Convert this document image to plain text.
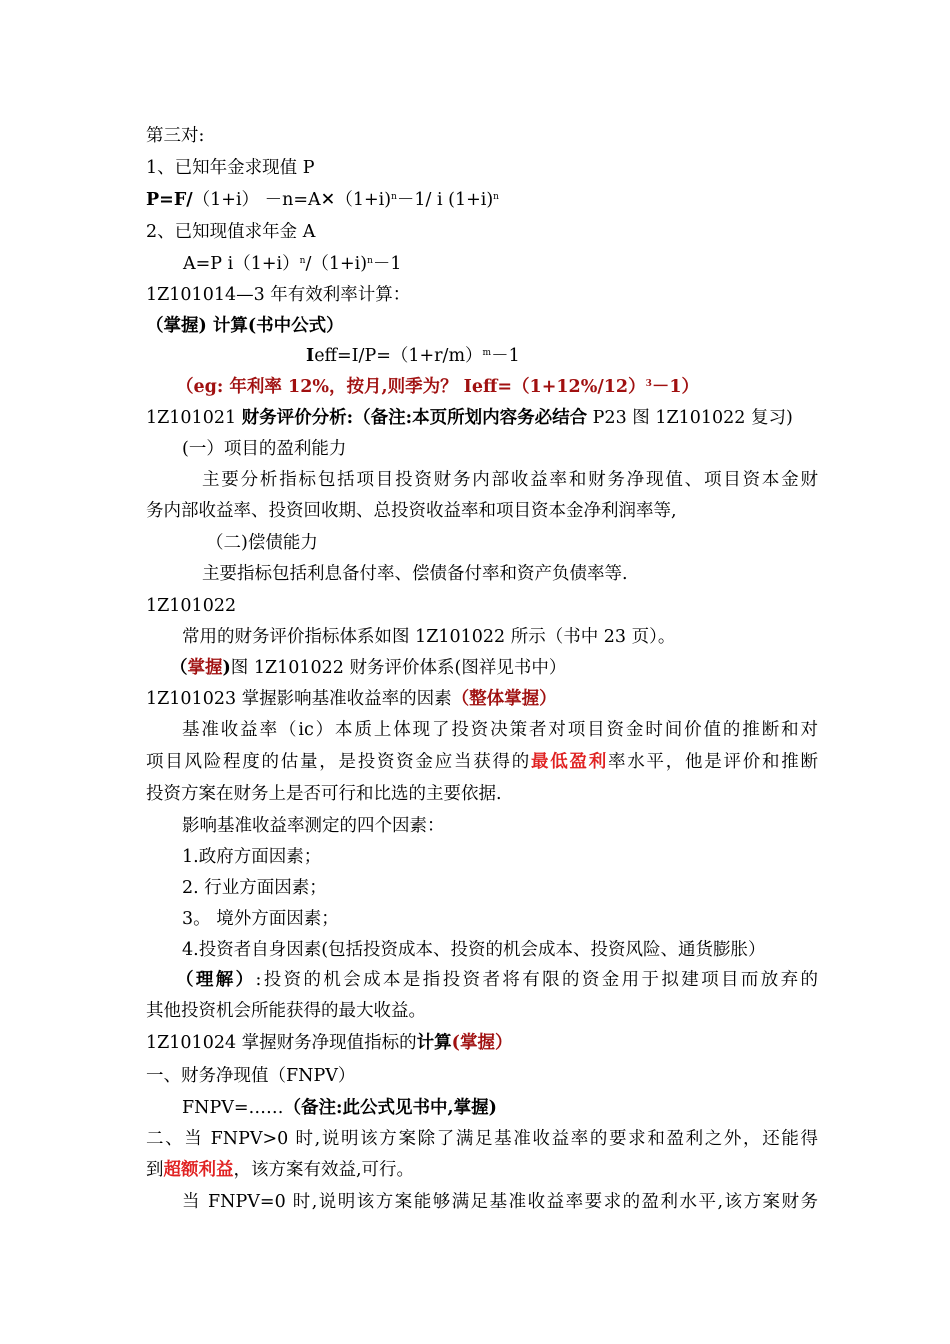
第三对:
1、已知年金求现值 P
P=F/（1+i） －n=A✕（1+i)$^n$－1/ i $(1+i)^n$
2、已知现值求年金 A
A=P $i(1+i)^n/(1+i)^n-1$
1Z101014—3 年有效利率计算：
（掌握) 计算(书中公式）
$Ieff=I/P=(1+r/m)^m-1$
（eg: 年利率 12%，按月,则季为？ $Ieff=(1+12\%/12)^3-1$）
1Z101021 财务评价分析:（备注:本页所划内容务必结合 P23 图 1Z101022 复习)
(一）项目的盈利能力
主要分析指标包括项目投资财务内部收益率和财务净现值、项目资本金财
务内部收益率、投资回收期、总投资收益率和项目资本金净利润率等,
（二)偿债能力
主要指标包括利息备付率、偿债备付率和资产负债率等.
1Z101022
常用的财务评价指标体系如图 1Z101022 所示（书中 23 页）。
（掌握)图 1Z101022 财务评价体系(图祥见书中）
1Z101023 掌握影响基准收益率的因素（整体掌握）
基准收益率（ic）本质上体现了投资决策者对项目资金时间价值的推断和对
项目风险程度的估量，是投资资金应当获得的最低盈利率水平，他是评价和推断
投资方案在财务上是否可行和比选的主要依据.
影响基准收益率测定的四个因素：
1.政府方面因素；
2. 行业方面因素；
3。 境外方面因素；
4.投资者自身因素(包括投资成本、投资的机会成本、投资风险、通货膨胀）
（理解）:投资的机会成本是指投资者将有限的资金用于拟建项目而放弃的
其他投资机会所能获得的最大收益。
1Z101024 掌握财务净现值指标的计算(掌握）
一、财务净现值（FNPV）
FNPV=……（备注:此公式见书中,掌握)
二、当 FNPV>0 时,说明该方案除了满足基准收益率的要求和盈利之外，还能得
到超额利益，该方案有效益,可行。
当 FNPV=0 时,说明该方案能够满足基准收益率要求的盈利水平,该方案财务
